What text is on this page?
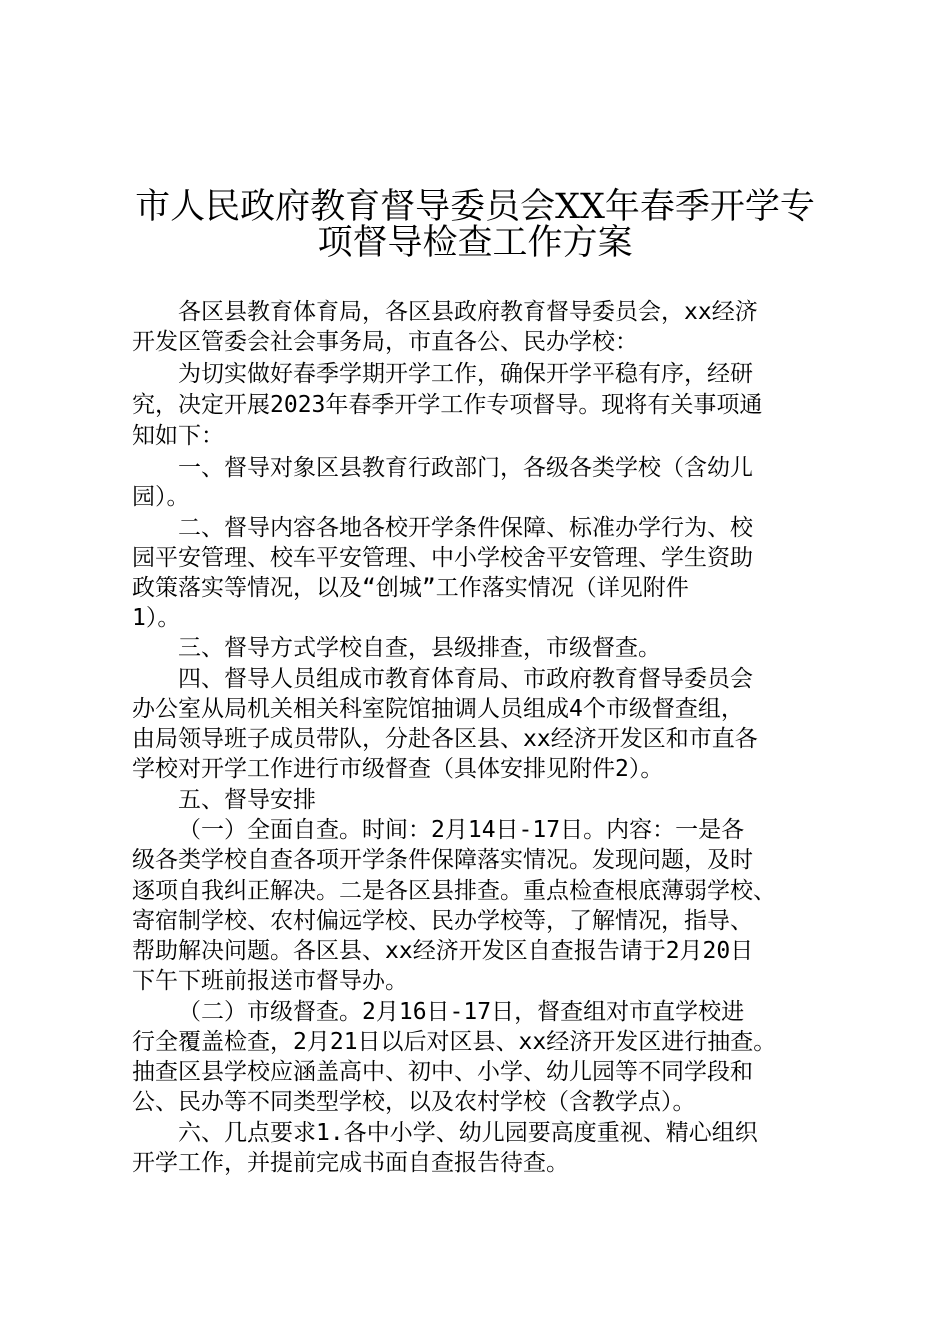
市人民政府教育督导委员会XX年春季开学专
项督导检查工作方案
各区县教育体育局，各区县政府教育督导委员会，xx经济
开发区管委会社会事务局，市直各公、民办学校：
为切实做好春季学期开学工作，确保开学平稳有序，经研
究，决定开展2023年春季开学工作专项督导。现将有关事项通
知如下：
一、督导对象区县教育行政部门，各级各类学校（含幼儿
园）。
二、督导内容各地各校开学条件保障、标准办学行为、校
园平安管理、校车平安管理、中小学校舍平安管理、学生资助
政策落实等情况，以及“创城”工作落实情况（详见附件
1）。
三、督导方式学校自查，县级排查，市级督查。
四、督导人员组成市教育体育局、市政府教育督导委员会
办公室从局机关相关科室院馆抽调人员组成4个市级督查组，
由局领导班子成员带队，分赴各区县、xx经济开发区和市直各
学校对开学工作进行市级督查（具体安排见附件2）。
五、督导安排
（一）全面自查。时间：2月14日-17日。内容：一是各
级各类学校自查各项开学条件保障落实情况。发现问题，及时
逐项自我纠正解决。二是各区县排查。重点检查根底薄弱学校、
寄宿制学校、农村偏远学校、民办学校等，了解情况，指导、
帮助解决问题。各区县、xx经济开发区自查报告请于2月20日
下午下班前报送市督导办。
（二）市级督查。2月16日-17日，督查组对市直学校进
行全覆盖检查，2月21日以后对区县、xx经济开发区进行抽查。
抽查区县学校应涵盖高中、初中、小学、幼儿园等不同学段和
公、民办等不同类型学校，以及农村学校（含教学点）。
六、几点要求1.各中小学、幼儿园要高度重视、精心组织
开学工作，并提前完成书面自查报告待查。
